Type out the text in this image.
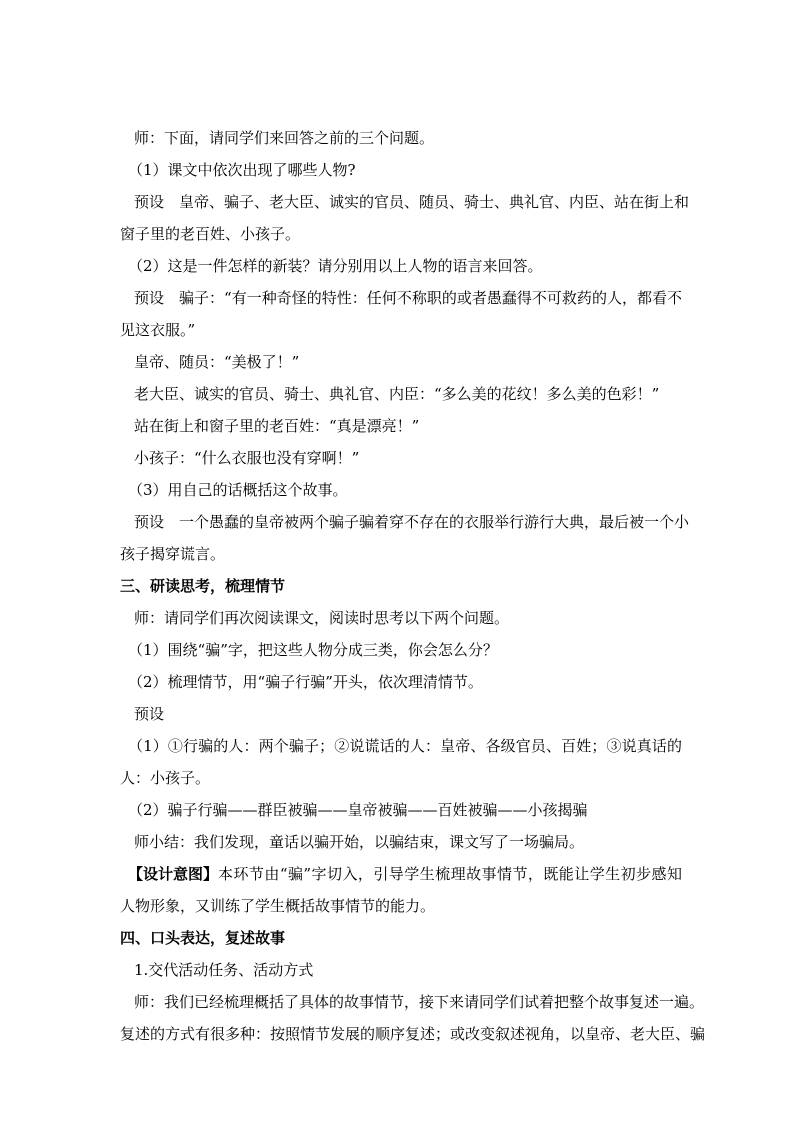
师：下面，请同学们来回答之前的三个问题。
（1）课文中依次出现了哪些人物?
预设　皇帝、骗子、老大臣、诚实的官员、随员、骑士、典礼官、内臣、站在街上和
窗子里的老百姓、小孩子。
（2）这是一件怎样的新装？请分别用以上人物的语言来回答。
预设　骗子：“有一种奇怪的特性：任何不称职的或者愚蠢得不可救药的人，都看不
见这衣服。”
皇帝、随员：“美极了！”
老大臣、诚实的官员、骑士、典礼官、内臣：“多么美的花纹！多么美的色彩！”
站在街上和窗子里的老百姓：“真是漂亮！”
小孩子：“什么衣服也没有穿啊！”
（3）用自己的话概括这个故事。
预设　一个愚蠢的皇帝被两个骗子骗着穿不存在的衣服举行游行大典，最后被一个小
孩子揭穿谎言。
三、研读思考，梳理情节
师：请同学们再次阅读课文，阅读时思考以下两个问题。
（1）围绕“骗”字，把这些人物分成三类，你会怎么分？
（2）梳理情节，用“骗子行骗”开头，依次理清情节。
预设
（1）①行骗的人：两个骗子；②说谎话的人：皇帝、各级官员、百姓；③说真话的
人：小孩子。
（2）骗子行骗——群臣被骗——皇帝被骗——百姓被骗——小孩揭骗
师小结：我们发现，童话以骗开始，以骗结束，课文写了一场骗局。
【设计意图】 本环节由“骗”字切入，引导学生梳理故事情节，既能让学生初步感知
人物形象，又训练了学生概括故事情节的能力。
四、口头表达，复述故事
1.交代活动任务、活动方式
师：我们已经梳理概括了具体的故事情节，接下来请同学们试着把整个故事复述一遍。
复述的方式有很多种：按照情节发展的顺序复述；或改变叙述视角，以皇帝、老大臣、骗
